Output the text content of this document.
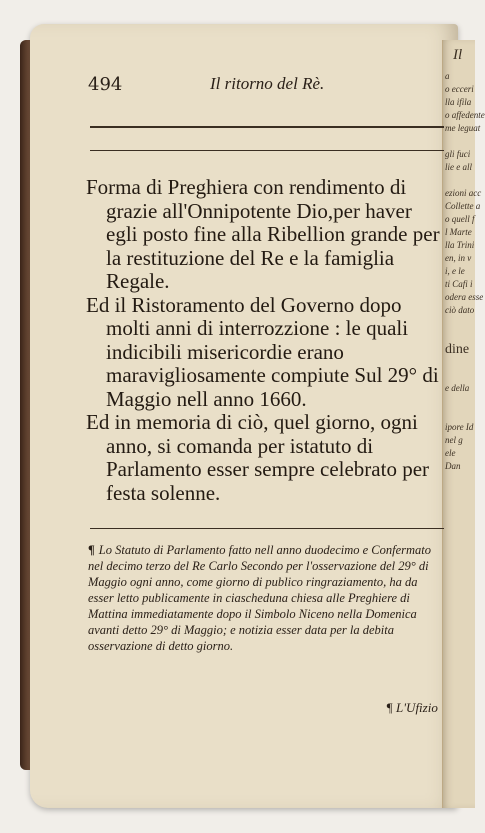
Il
a
o ecceri
lla ifila
o affedente
me leguat

gli fuci
lie e all

ezioni acc
Collette a
o quell f
l Marte
lla Trini
en, in v
i, e le
ti Cafi i
odera esse
ciò dato

dine

e della

ipore Id
nel g
ele
Dan
494	Il ritorno del Rè.

Forma di Preghiera con rendimento di grazie all'Onnipotente Dio,per haver egli posto fine alla Ribellion grande per la restituzione del Re e la famiglia Regale.

Ed il Ristoramento del Governo dopo molti anni di interrozzione : le quali indicibili misericordie erano maravigliosamente compiute Sul 29° di Maggio nell anno 1660.

Ed in memoria di ciò, quel giorno, ogni anno, si comanda per istatuto di Parlamento esser sempre celebrato per festa solenne.

¶ Lo Statuto di Parlamento fatto nell anno duodecimo e Confermato nel decimo terzo del Re Carlo Secondo per l'osservazione del 29° di Maggio ogni anno, come giorno di publico ringraziamento, ha da esser letto publicamente in ciascheduna chiesa alle Preghiere di Mattina immediatamente dopo il Simbolo Niceno nella Domenica avanti detto 29° di Maggio; e notizia esser data per la debita osservazione di detto giorno.
¶ L'Ufizio
